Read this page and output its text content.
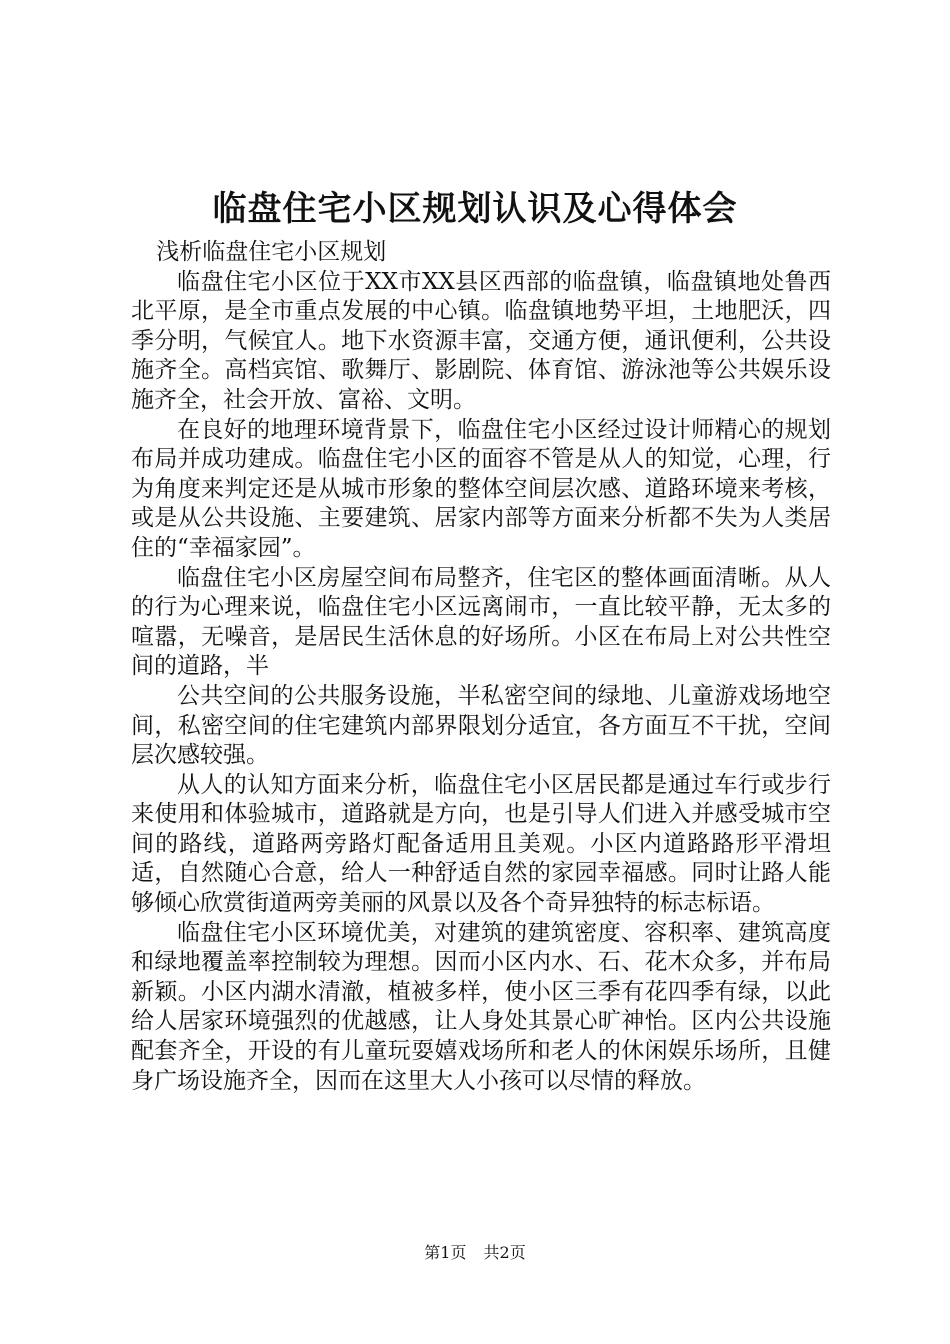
临盘住宅小区规划认识及心得体会

浅析临盘住宅小区规划

临盘住宅小区位于XX市XX县区西部的临盘镇，临盘镇地处鲁西北平原，是全市重点发展的中心镇。临盘镇地势平坦，土地肥沃，四季分明，气候宜人。地下水资源丰富，交通方便，通讯便利，公共设施齐全。高档宾馆、歌舞厅、影剧院、体育馆、游泳池等公共娱乐设施齐全，社会开放、富裕、文明。

在良好的地理环境背景下，临盘住宅小区经过设计师精心的规划布局并成功建成。临盘住宅小区的面容不管是从人的知觉，心理，行为角度来判定还是从城市形象的整体空间层次感、道路环境来考核，或是从公共设施、主要建筑、居家内部等方面来分析都不失为人类居住的“幸福家园”。

临盘住宅小区房屋空间布局整齐，住宅区的整体画面清晰。从人的行为心理来说，临盘住宅小区远离闹市，一直比较平静，无太多的喧嚣，无噪音，是居民生活休息的好场所。小区在布局上对公共性空间的道路，半

公共空间的公共服务设施，半私密空间的绿地、儿童游戏场地空间，私密空间的住宅建筑内部界限划分适宜，各方面互不干扰，空间层次感较强。

从人的认知方面来分析，临盘住宅小区居民都是通过车行或步行来使用和体验城市，道路就是方向，也是引导人们进入并感受城市空间的路线，道路两旁路灯配备适用且美观。小区内道路路形平滑坦适，自然随心合意，给人一种舒适自然的家园幸福感。同时让路人能够倾心欣赏街道两旁美丽的风景以及各个奇异独特的标志标语。

临盘住宅小区环境优美，对建筑的建筑密度、容积率、建筑高度和绿地覆盖率控制较为理想。因而小区内水、石、花木众多，并布局新颖。小区内湖水清澈，植被多样，使小区三季有花四季有绿，以此给人居家环境强烈的优越感，让人身处其景心旷神怡。区内公共设施配套齐全，开设的有儿童玩耍嬉戏场所和老人的休闲娱乐场所，且健身广场设施齐全，因而在这里大人小孩可以尽情的释放。

第1页 共2页
